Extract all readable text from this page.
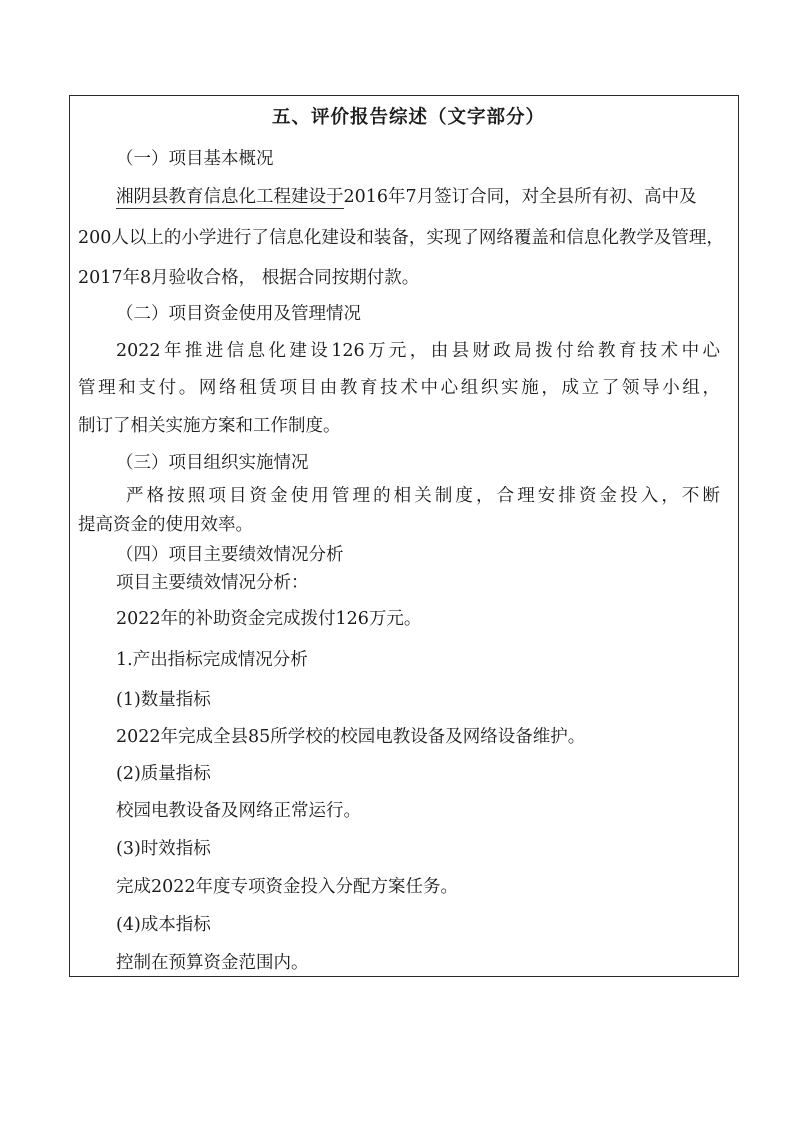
五、评价报告综述（文字部分）
（一）项目基本概况
湘阴县教育信息化工程建设于2016年7月签订合同，对全县所有初、高中及
200人以上的小学进行了信息化建设和装备，实现了网络覆盖和信息化教学及管理，
2017年8月验收合格， 根据合同按期付款。
（二）项目资金使用及管理情况
2022年推进信息化建设126万元，由县财政局拨付给教育技术中心
管理和支付。网络租赁项目由教育技术中心组织实施，成立了领导小组，
制订了相关实施方案和工作制度。
（三）项目组织实施情况
严格按照项目资金使用管理的相关制度，合理安排资金投入，不断
提高资金的使用效率。
（四）项目主要绩效情况分析
项目主要绩效情况分析：
2022年的补助资金完成拨付126万元。
1.产出指标完成情况分析
(1)数量指标
2022年完成全县85所学校的校园电教设备及网络设备维护。
(2)质量指标
校园电教设备及网络正常运行。
(3)时效指标
完成2022年度专项资金投入分配方案任务。
(4)成本指标
控制在预算资金范围内。
